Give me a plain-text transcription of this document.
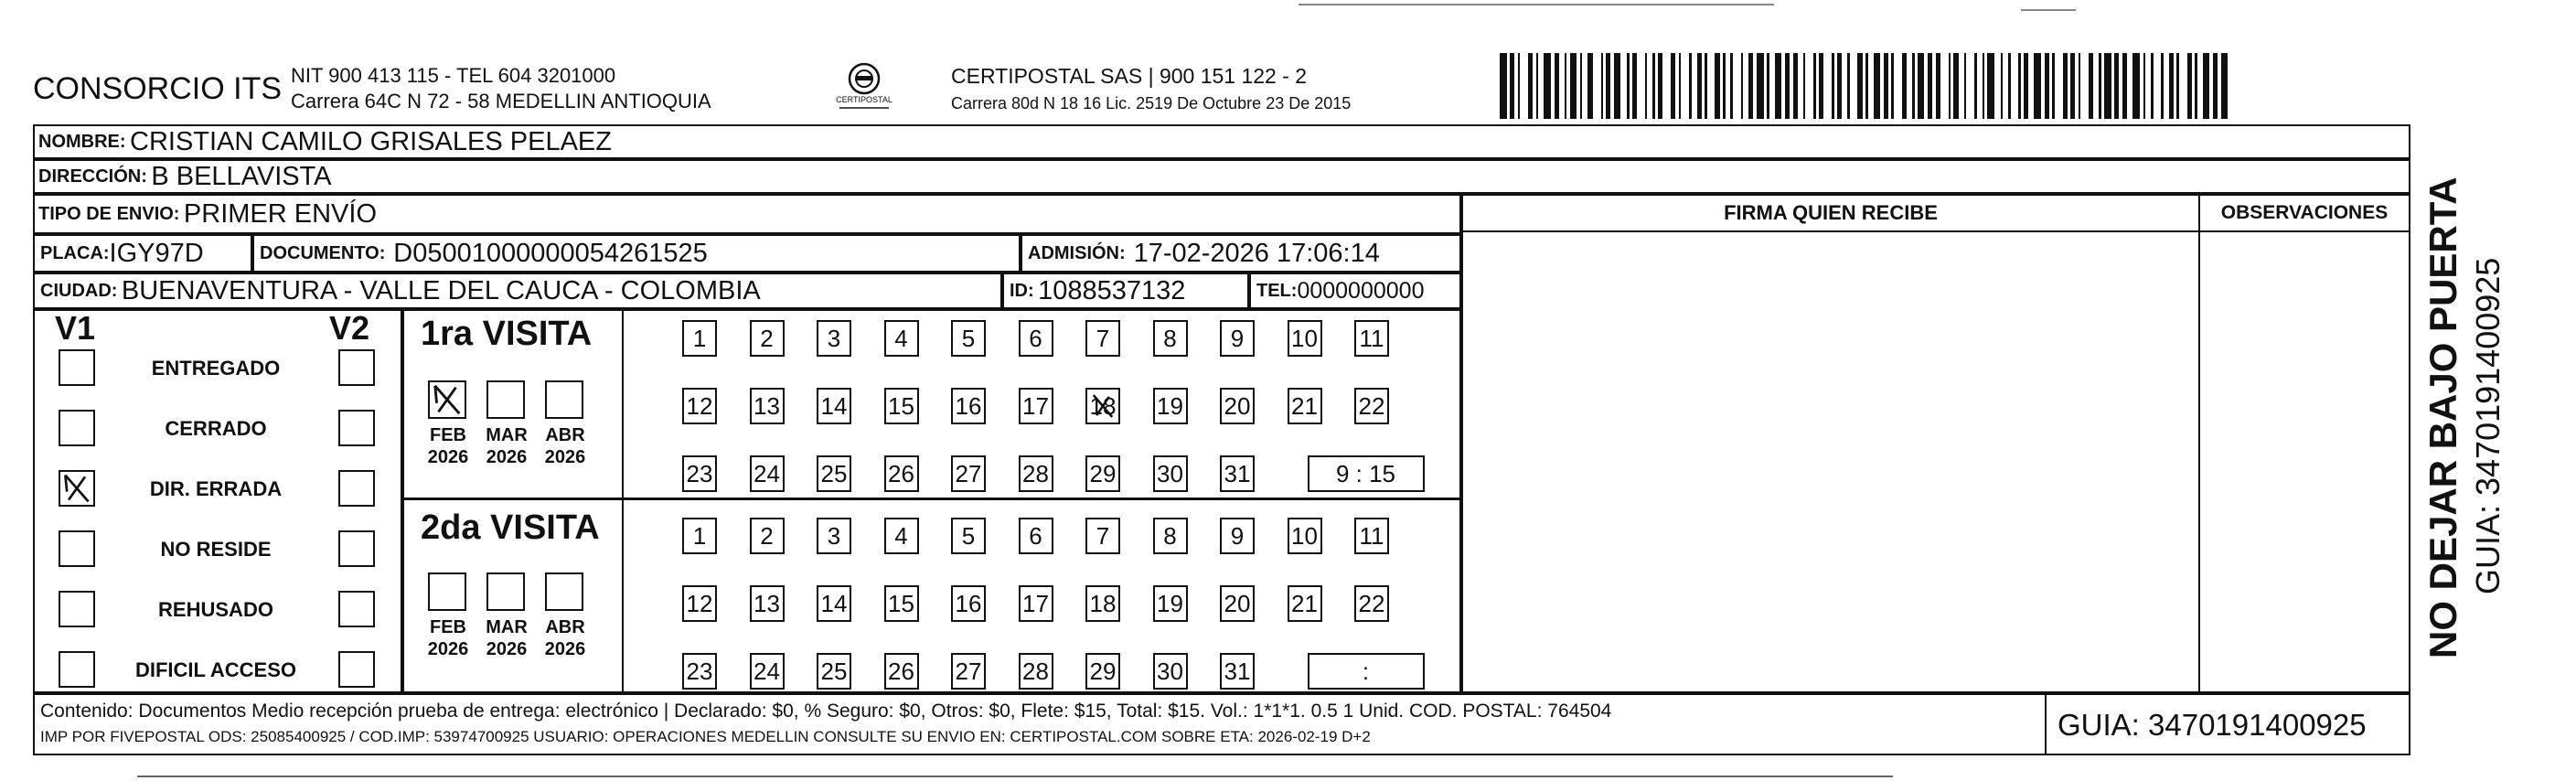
CONSORCIO ITS NIT 900 413 115 - TEL 604 3201000
Carrera 64C N 72 - 58 MEDELLIN ANTIOQUIA	CERTIPOSTAL
CERTIPOSTAL SAS | 900 151 122 - 2
Carrera 80d N 18 16 Lic. 2519 De Octubre 23 De 2015
NOMBRE:
CRISTIAN CAMILO GRISALES PELAEZ
DIRECCIÓN:
B BELLAVISTA
TIPO DE ENVIO:
PRIMER ENVÍO
PLACA: IGY97D	DOCUMENTO:
D05001000000054261525	ADMISIÓN:
17-02-2026 17:06:14
CIUDAD:
BUENAVENTURA - VALLE DEL CAUCA - COLOMBIA	ID:
1088537132	TEL: 0000000000
FIRMA QUIEN RECIBE	OBSERVACIONES
V1	V2
ENTREGADO
CERRADO
DIR. ERRADA
NO RESIDE
REHUSADO
DIFICIL ACCESO
1ra VISITA
FEB
2026
MAR
2026
ABR
2026
1	2	3	4	5	6	7	8	9	10 11
12 13 14 15 16 17 18 19 20 21 22
23 24 25 26 27 28 29 30 31	9 : 15
2da VISITA
FEB
2026
MAR
2026
ABR
2026
1	2	3	4	5	6	7	8	9	10 11
12 13 14 15 16 17 18 19 20 21 22
23 24 25 26 27 28 29 30 31	:
Contenido: Documentos Medio recepción prueba de entrega: electrónico | Declarado: $0, % Seguro: $0, Otros: $0, Flete: $15, Total: $15. Vol.: 1*1*1. 0.5 1 Unid. COD. POSTAL: 764504
IMP POR FIVEPOSTAL ODS: 25085400925 / COD.IMP: 53974700925 USUARIO: OPERACIONES MEDELLIN CONSULTE SU ENVIO EN: CERTIPOSTAL.COM SOBRE ETA: 2026-02-19 D+2	GUIA: 3470191400925
NO DEJAR BAJO PUERTA GUIA: 3470191400925
